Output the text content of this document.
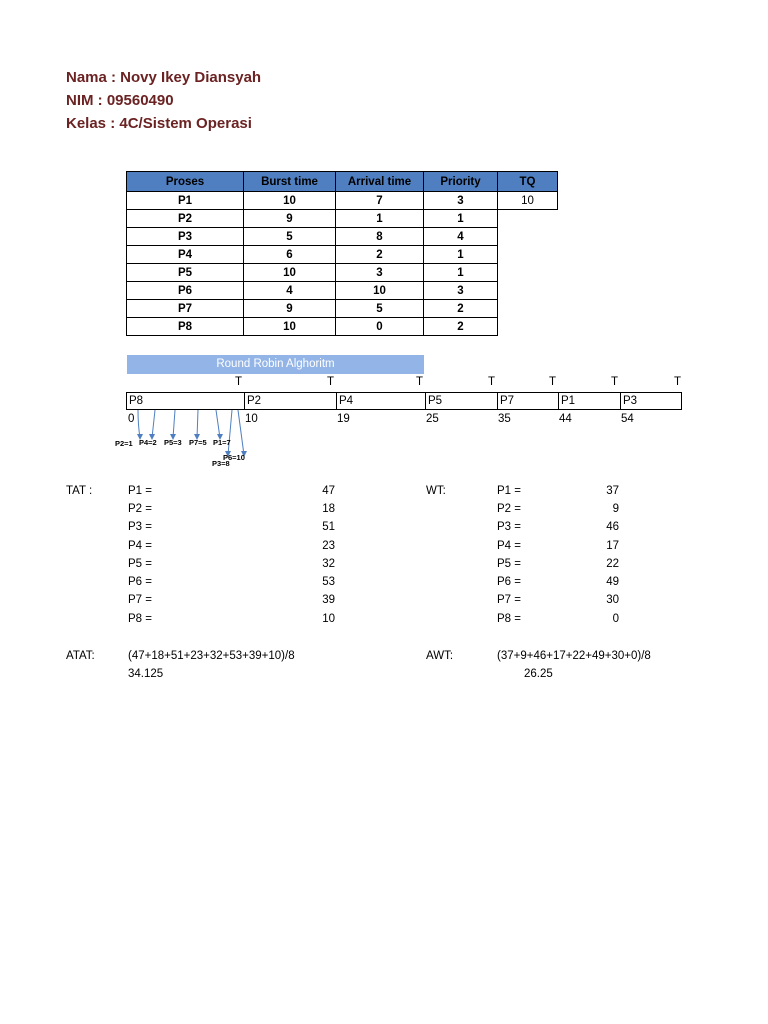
Nama : Novy Ikey Diansyah
NIM : 09560490
Kelas : 4C/Sistem Operasi
Proses	Burst time	Arrival time	Priority	TQ
P1	10	7	3	10
P2	9	1	1	
P3	5	8	4	
P4	6	2	1	
P5	10	3	1	
P6	4	10	3	
P7	9	5	2	
P8	10	0	2	
Round Robin Alghoritm
T	T	T	T	T	T	T
P8	P2	P4	P5	P7	P1	P3
0	10	19	25	35	44	54
P2=1 P4=2 P5=3 P7=5 P1=7
P3=8
P6=10
TAT :	P1 =	47
P2 =	18
P3 =	51
P4 =	23
P5 =	32
P6 =	53
P7 =	39
P8 =	10
WT:	P1 =	37
P2 =	9
P3 =	46
P4 =	17
P5 =	22
P6 =	49
P7 =	30
P8 =	0
ATAT:	(47+18+51+23+32+53+39+10)/8
34.125
AWT:	(37+9+46+17+22+49+30+0)/8
26.25
